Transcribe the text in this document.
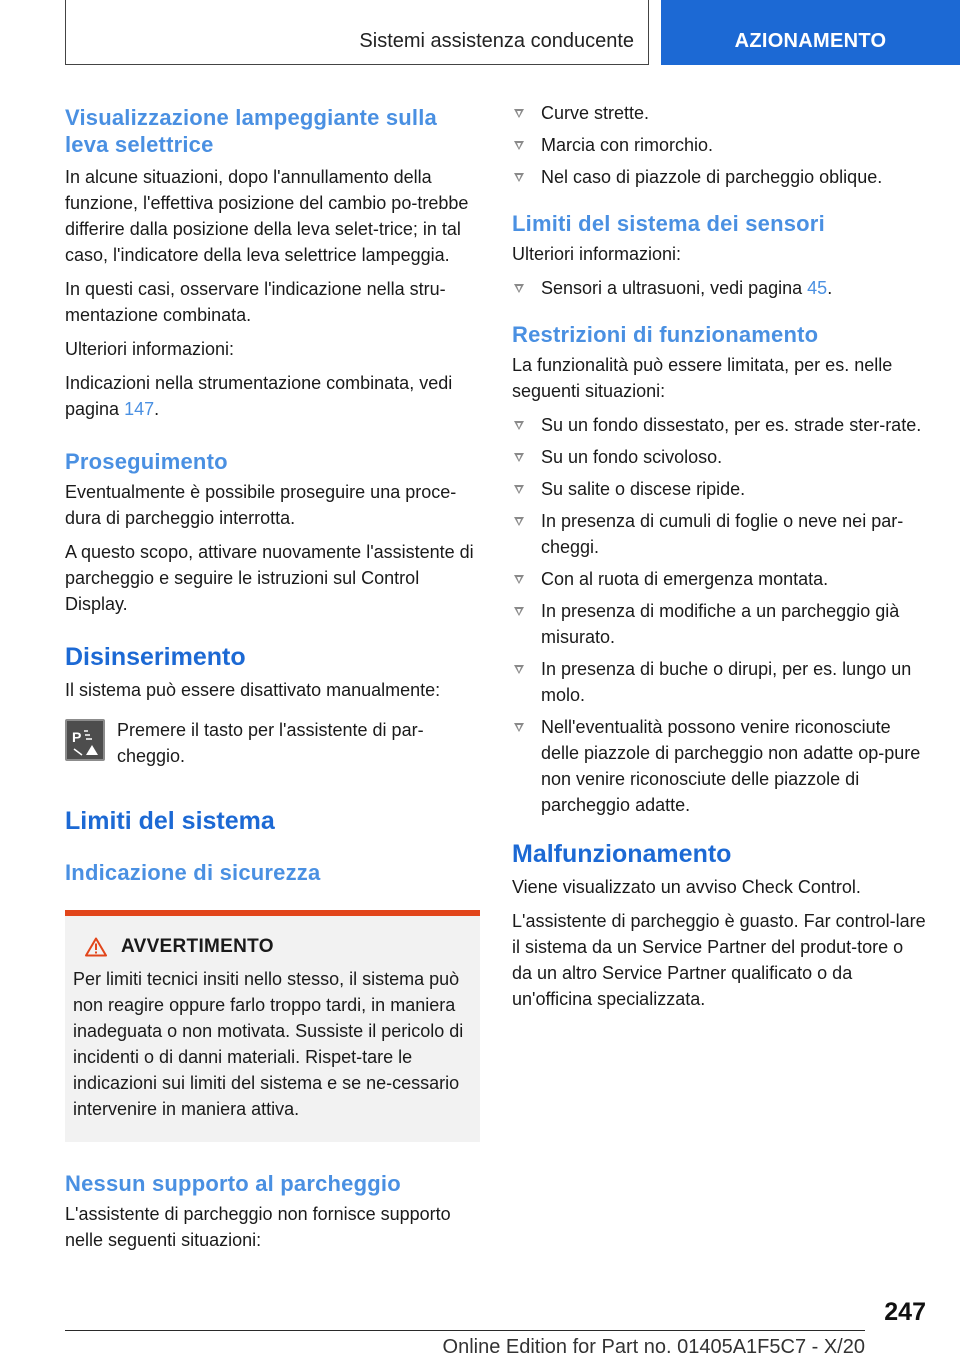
Sistemi assistenza conducente	AZIONAMENTO
Visualizzazione lampeggiante sulla leva selettrice

In alcune situazioni, dopo l'annullamento della funzione, l'effettiva posizione del cambio po-trebbe differire dalla posizione della leva selet-trice; in tal caso, l'indicatore della leva selettrice lampeggia.

In questi casi, osservare l'indicazione nella stru-mentazione combinata.

Ulteriori informazioni:

Indicazioni nella strumentazione combinata, vedi pagina 147.

Proseguimento

Eventualmente è possibile proseguire una proce-dura di parcheggio interrotta.

A questo scopo, attivare nuovamente l'assistente di parcheggio e seguire le istruzioni sul Control Display.

Disinserimento

Il sistema può essere disattivato manualmente:

P Premere il tasto per l'assistente di par-cheggio.

Limiti del sistema
Indicazione di sicurezza
AVVERTIMENTO

Per limiti tecnici insiti nello stesso, il sistema può non reagire oppure farlo troppo tardi, in maniera inadeguata o non motivata. Sussiste il pericolo di incidenti o di danni materiali. Rispet-tare le indicazioni sui limiti del sistema e se ne-cessario intervenire in maniera attiva.

Nessun supporto al parcheggio

L'assistente di parcheggio non fornisce supporto nelle seguenti situazioni:

Curve strette.
Marcia con rimorchio.
Nel caso di piazzole di parcheggio oblique.
Limiti del sistema dei sensori

Ulteriori informazioni:

Sensori a ultrasuoni, vedi pagina 45.
Restrizioni di funzionamento

La funzionalità può essere limitata, per es. nelle seguenti situazioni:

Su un fondo dissestato, per es. strade ster-rate.
Su un fondo scivoloso.
Su salite o discese ripide.
In presenza di cumuli di foglie o neve nei par-cheggi.
Con al ruota di emergenza montata.
In presenza di modifiche a un parcheggio già misurato.
In presenza di buche o dirupi, per es. lungo un molo.
Nell'eventualità possono venire riconosciute delle piazzole di parcheggio non adatte op-pure non venire riconosciute delle piazzole di parcheggio adatte.
Malfunzionamento

Viene visualizzato un avviso Check Control.

L'assistente di parcheggio è guasto. Far control-lare il sistema da un Service Partner del produt-tore o da un altro Service Partner qualificato o da un'officina specializzata.

247
Online Edition for Part no. 01405A1F5C7 - X/20
